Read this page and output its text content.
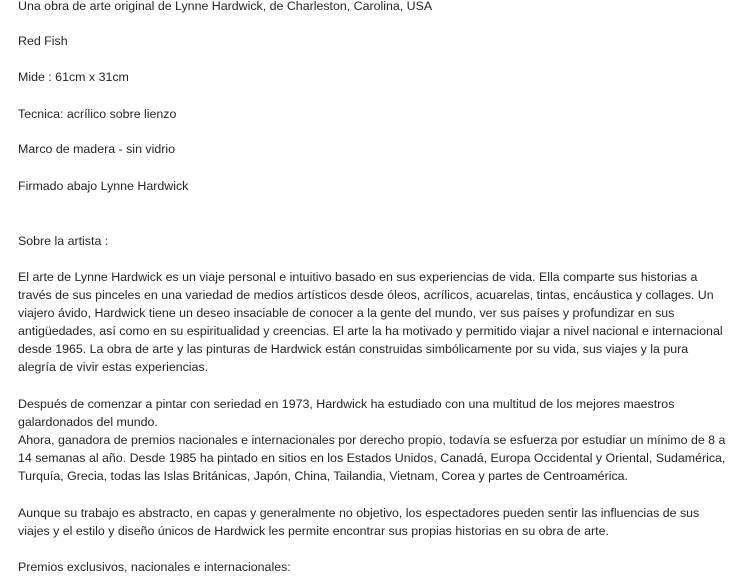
Una obra de arte original de Lynne Hardwick, de Charleston, Carolina, USA

Red Fish

Mide : 61cm x 31cm

Tecnica: acrílico sobre lienzo

Marco de madera - sin vidrio

Firmado abajo Lynne Hardwick

Sobre la artista :

El arte de Lynne Hardwick es un viaje personal e intuitivo basado en sus experiencias de vida. Ella comparte sus historias a
través de sus pinceles en una variedad de medios artísticos desde óleos, acrílicos, acuarelas, tintas, encáustica y collages. Un
viajero ávido, Hardwick tiene un deseo insaciable de conocer a la gente del mundo, ver sus países y profundizar en sus
antigüedades, así como en su espiritualidad y creencias. El arte la ha motivado y permitido viajar a nivel nacional e internacional
desde 1965. La obra de arte y las pinturas de Hardwick están construidas simbólicamente por su vida, sus viajes y la pura
alegría de vivir estas experiencias.
Después de comenzar a pintar con seriedad en 1973, Hardwick ha estudiado con una multitud de los mejores maestros
galardonados del mundo.
Ahora, ganadora de premios nacionales e internacionales por derecho propio, todavía se esfuerza por estudiar un mínimo de 8 a
14 semanas al año. Desde 1985 ha pintado en sitios en los Estados Unidos, Canadá, Europa Occidental y Oriental, Sudamérica,
Turquía, Grecia, todas las Islas Británicas, Japón, China, Tailandia, Vietnam, Corea y partes de Centroamérica.
Aunque su trabajo es abstracto, en capas y generalmente no objetivo, los espectadores pueden sentir las influencias de sus
viajes y el estilo y diseño únicos de Hardwick les permite encontrar sus propias historias en su obra de arte.

Premios exclusivos, nacionales e internacionales:
